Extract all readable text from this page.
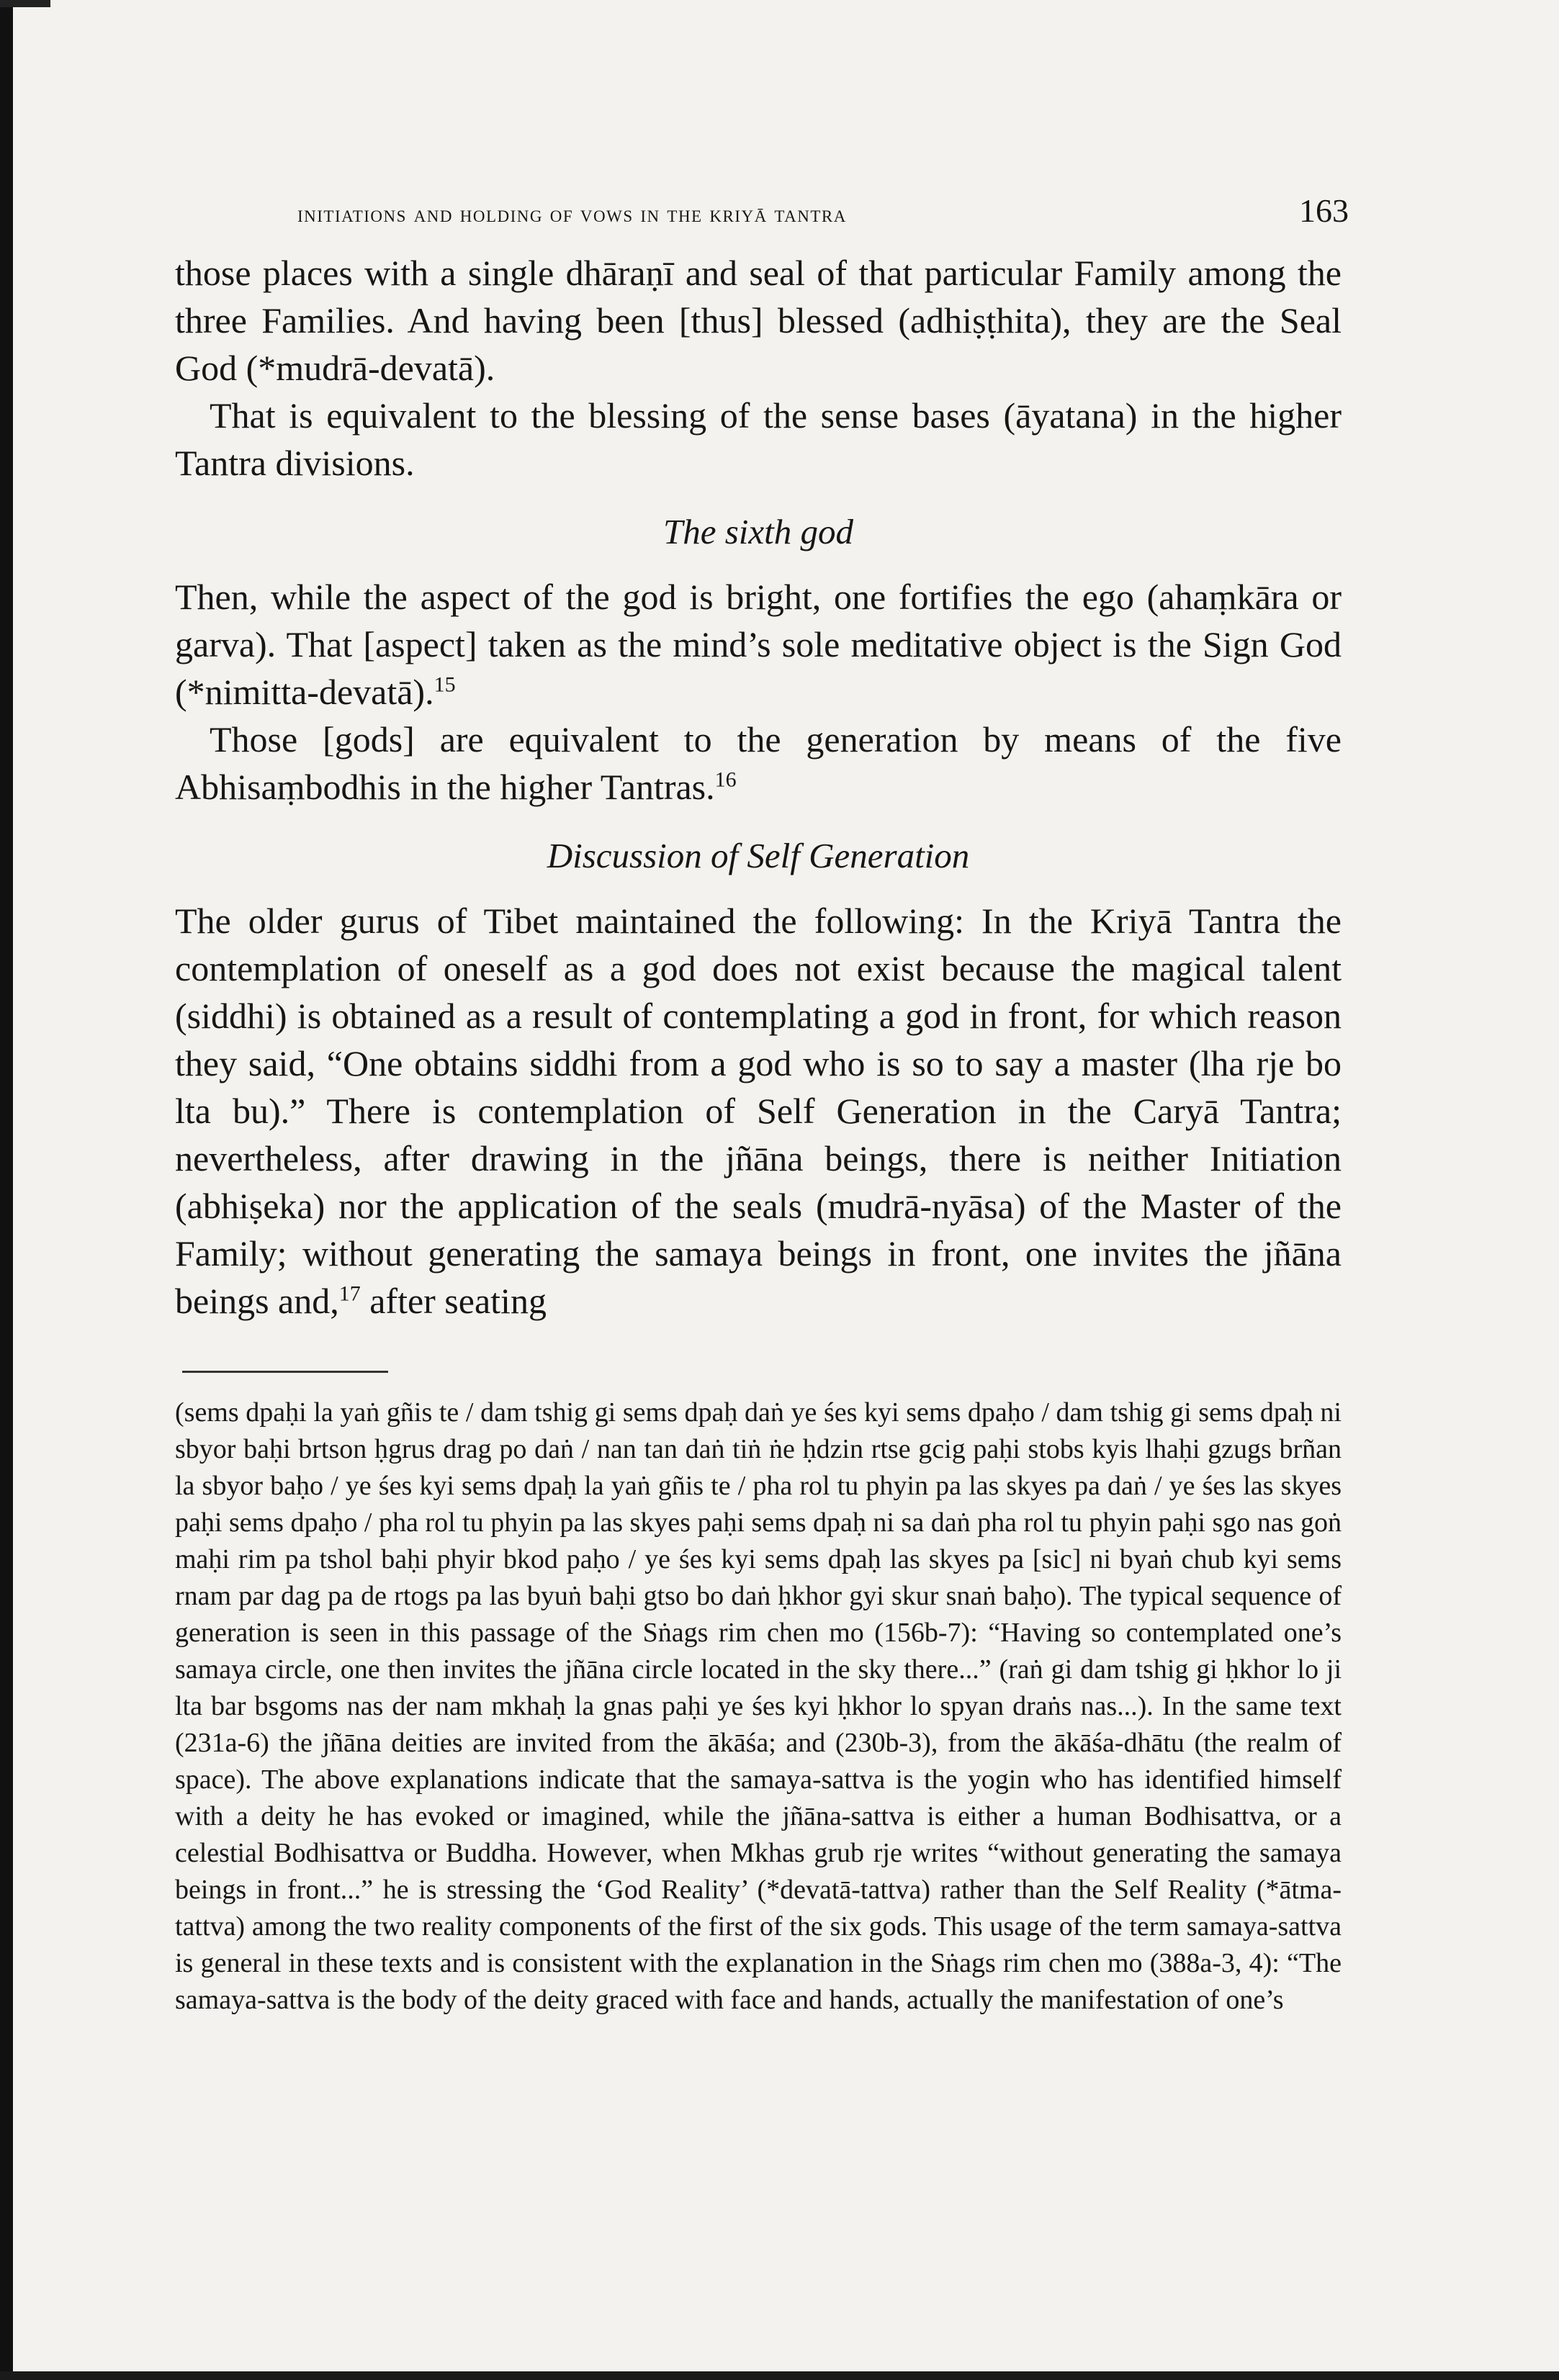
initiations and holding of vows in the kriyā tantra	163

those places with a single dhāraṇī and seal of that particular Family among the three Families. And having been [thus] blessed (adhiṣṭhita), they are the Seal God (*mudrā-devatā).

That is equivalent to the blessing of the sense bases (āyatana) in the higher Tantra divisions.

The sixth god

Then, while the aspect of the god is bright, one fortifies the ego (ahaṃkāra or garva). That [aspect] taken as the mind’s sole meditative object is the Sign God (*nimitta-devatā).$^{15}$

Those [gods] are equivalent to the generation by means of the five Abhisaṃbodhis in the higher Tantras.$^{16}$

Discussion of Self Generation

The older gurus of Tibet maintained the following: In the Kriyā Tantra the contemplation of oneself as a god does not exist because the magical talent (siddhi) is obtained as a result of contemplating a god in front, for which reason they said, “One obtains siddhi from a god who is so to say a master (lha rje bo lta bu).” There is contemplation of Self Generation in the Caryā Tantra; nevertheless, after drawing in the jñāna beings, there is neither Initiation (abhiṣeka) nor the application of the seals (mudrā-nyāsa) of the Master of the Family; without generating the samaya beings in front, one invites the jñāna beings and,$^{17}$ after seating

(sems dpaḥi la yaṅ gñis te / dam tshig gi sems dpaḥ daṅ ye śes kyi sems dpaḥo / dam tshig gi sems dpaḥ ni sbyor baḥi brtson ḥgrus drag po daṅ / nan tan daṅ tiṅ ṅe ḥdzin rtse gcig paḥi stobs kyis lhaḥi gzugs brñan la sbyor baḥo / ye śes kyi sems dpaḥ la yaṅ gñis te / pha rol tu phyin pa las skyes pa daṅ / ye śes las skyes paḥi sems dpaḥo / pha rol tu phyin pa las skyes paḥi sems dpaḥ ni sa daṅ pha rol tu phyin paḥi sgo nas goṅ maḥi rim pa tshol baḥi phyir bkod paḥo / ye śes kyi sems dpaḥ las skyes pa [sic] ni byaṅ chub kyi sems rnam par dag pa de rtogs pa las byuṅ baḥi gtso bo daṅ ḥkhor gyi skur snaṅ baḥo). The typical sequence of generation is seen in this passage of the Sṅags rim chen mo (156b-7): “Having so contemplated one’s samaya circle, one then invites the jñāna circle located in the sky there...” (raṅ gi dam tshig gi ḥkhor lo ji lta bar bsgoms nas der nam mkhaḥ la gnas paḥi ye śes kyi ḥkhor lo spyan draṅs nas...). In the same text (231a-6) the jñāna deities are invited from the ākāśa; and (230b-3), from the ākāśa-dhātu (the realm of space). The above explanations indicate that the samaya-sattva is the yogin who has identified himself with a deity he has evoked or imagined, while the jñāna-sattva is either a human Bodhisattva, or a celestial Bodhisattva or Buddha. However, when Mkhas grub rje writes “without generating the samaya beings in front...” he is stressing the ‘God Reality’ (*devatā-tattva) rather than the Self Reality (*ātma-tattva) among the two reality components of the first of the six gods. This usage of the term samaya-sattva is general in these texts and is consistent with the explanation in the Sṅags rim chen mo (388a-3, 4): “The samaya-sattva is the body of the deity graced with face and hands, actually the manifestation of one’s
